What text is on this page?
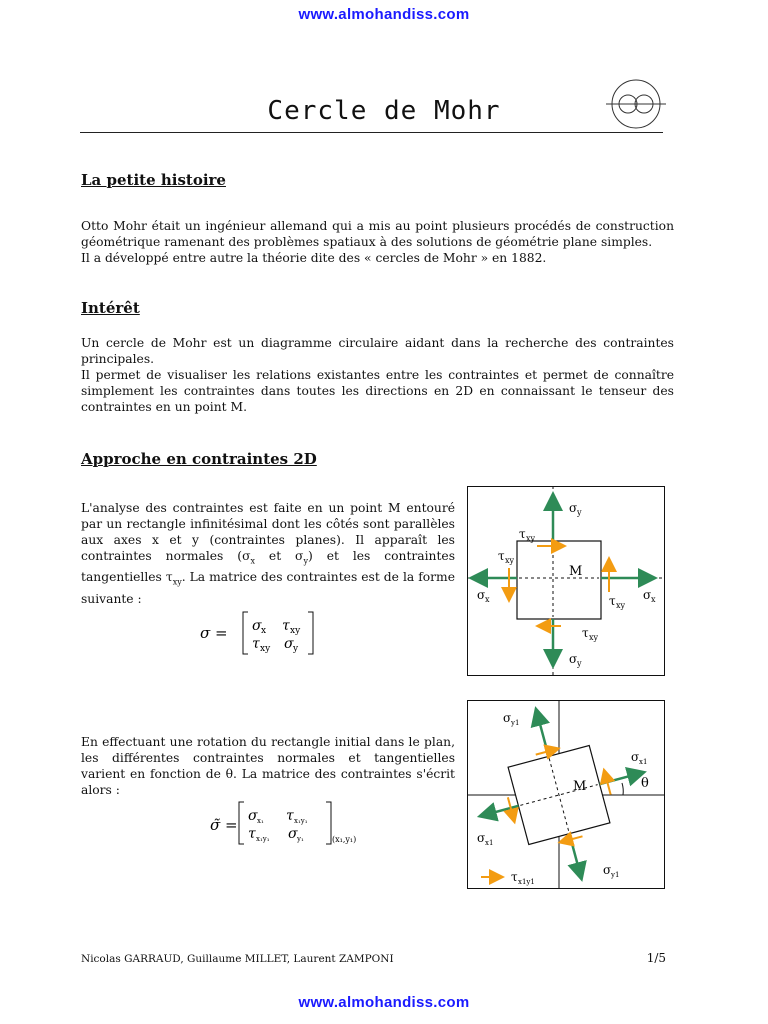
www.almohandiss.com
Cercle de Mohr
La petite histoire

Otto Mohr était un ingénieur allemand qui a mis au point plusieurs procédés de construction géométrique ramenant des problèmes spatiaux à des solutions de géométrie plane simples.

Il a développé entre autre la théorie dite des « cercles de Mohr » en 1882.

Intérêt

Un cercle de Mohr est un diagramme circulaire aidant dans la recherche des contraintes principales.

Il permet de visualiser les relations existantes entre les contraintes et permet de connaître simplement les contraintes dans toutes les directions en 2D en connaissant le tenseur des contraintes en un point M.

Approche en contraintes 2D

L'analyse des contraintes est faite en un point M entouré par un rectangle infinitésimal dont les côtés sont parallèles aux axes x et y (contraintes planes). Il apparaît les contraintes normales ($\sigma_x$ et $\sigma_y$) et les contraintes tangentielles $\tau_{xy}$. La matrice des contraintes est de la forme suivante :

σ = σ x τ xy
τ xy σ y
M
σ y
σ y
σ x	σ x
τ xy
τ xy
τ xy
τ xy

En effectuant une rotation du rectangle initial dans le plan, les différentes contraintes normales et tangentielles varient en fonction de θ. La matrice des contraintes s'écrit alors :

σ̃ = σ x₁ τ x₁y₁
τ x₁y₁ σ y₁	(x₁,y₁)
M	θ
σ y1
σ x1
σ x1
σ y1
τ x1y1
Nicolas GARRAUD, Guillaume MILLET, Laurent ZAMPONI	1/5
www.almohandiss.com
